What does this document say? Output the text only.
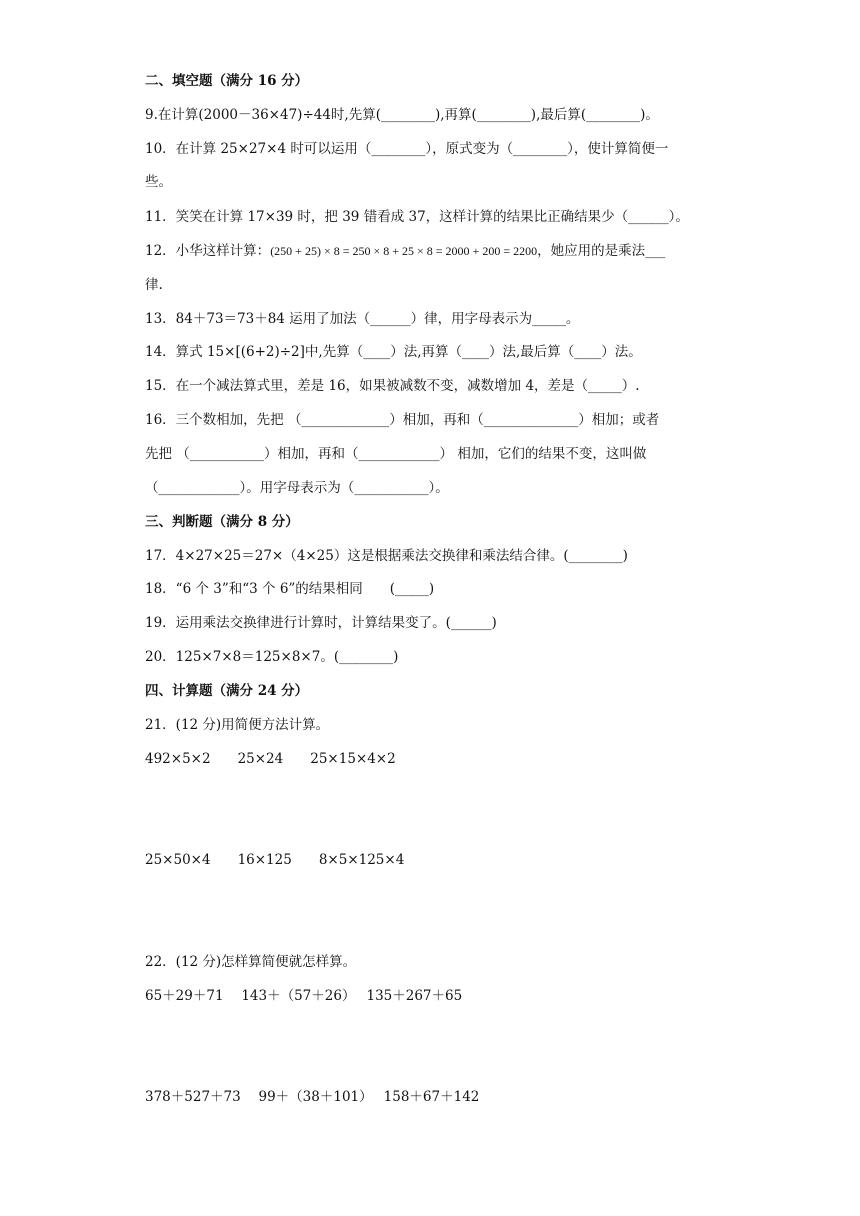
二、填空题（满分 16 分）
9.在计算(2000－36×47)÷44时,先算(________),再算(________),最后算(________)。
10．在计算 25×27×4 时可以运用（________），原式变为（________），使计算简便一
些。
11．笑笑在计算 17×39 时，把 39 错看成 37，这样计算的结果比正确结果少（______）。
12．小华这样计算：(250 + 25) × 8 = 250 × 8 + 25 × 8 = 2000 + 200 = 2200，她应用的是乘法___
律.
13．84＋73＝73＋84 运用了加法（______）律，用字母表示为_____。
14．算式 15×[(6+2)÷2]中,先算（____）法,再算（____）法,最后算（____）法。
15．在一个减法算式里，差是 16，如果被减数不变，减数增加 4，差是（_____）.
16．三个数相加，先把 （_____________）相加，再和（______________）相加；或者
先把 （___________）相加，再和（____________） 相加，它们的结果不变，这叫做
（____________）。用字母表示为（___________）。
三、判断题（满分 8 分）
17．4×27×25＝27×（4×25）这是根据乘法交换律和乘法结合律。(________)
18．“6 个 3”和“3 个 6”的结果相同　　(_____)
19．运用乘法交换律进行计算时，计算结果变了。(______)
20．125×7×8＝125×8×7。(________)
四、计算题（满分 24 分）
21．(12 分)用简便方法计算。
492×5×2　　25×24　　25×15×4×2
25×50×4　　16×125　　8×5×125×4
22．(12 分)怎样算简便就怎样算。
65＋29＋71　 143＋（57＋26）　 135＋267＋65
378＋527＋73　 99＋（38＋101）　 158＋67＋142
